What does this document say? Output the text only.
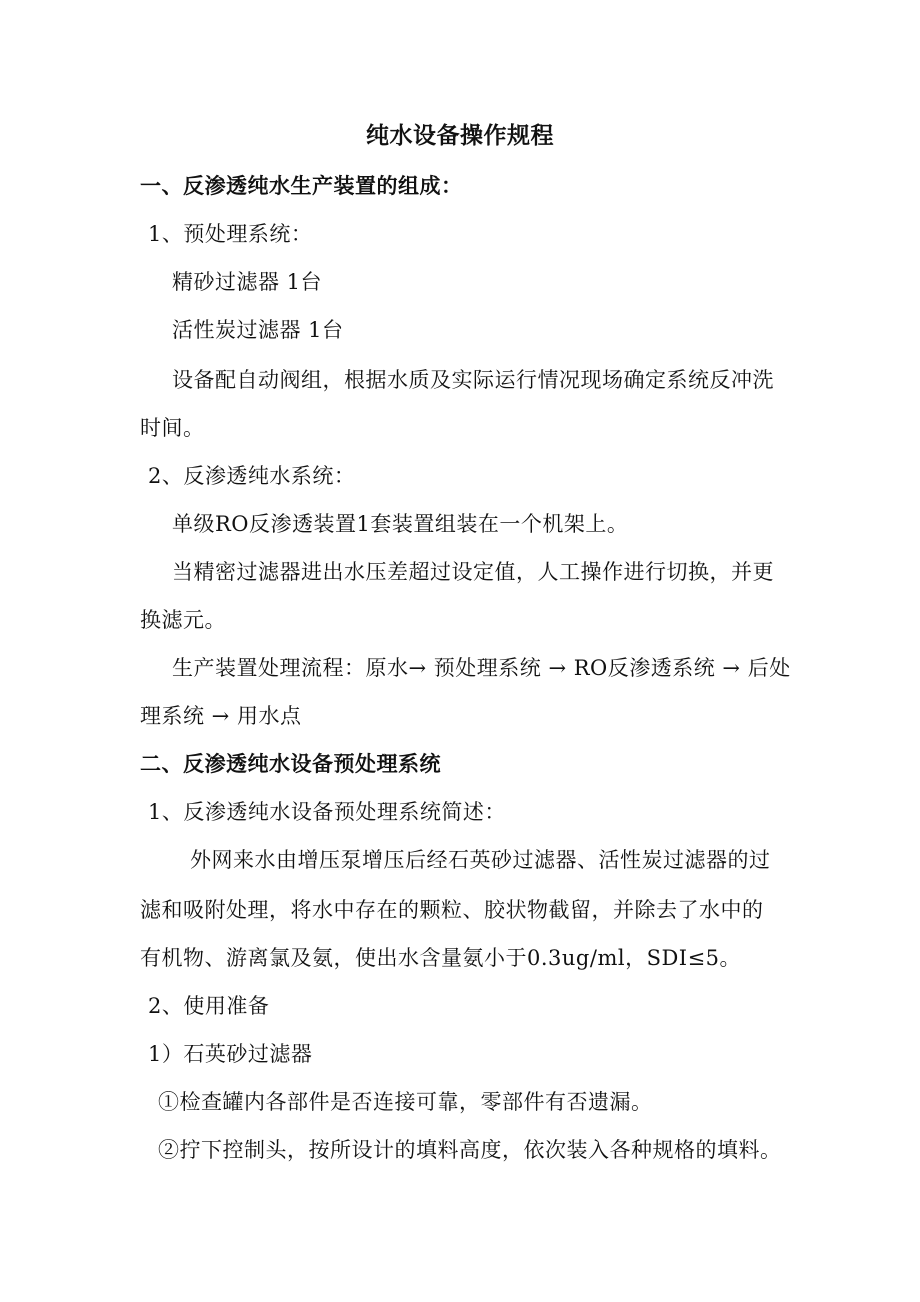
纯水设备操作规程
一、反渗透纯水生产装置的组成：
1、预处理系统：
精砂过滤器 1台
活性炭过滤器 1台
设备配自动阀组，根据水质及实际运行情况现场确定系统反冲洗
时间。
2、反渗透纯水系统：
单级RO反渗透装置1套装置组装在一个机架上。
当精密过滤器进出水压差超过设定值，人工操作进行切换，并更
换滤元。
生产装置处理流程：原水→ 预处理系统 → RO反渗透系统 → 后处
理系统 → 用水点
二、反渗透纯水设备预处理系统
1、反渗透纯水设备预处理系统简述：
外网来水由增压泵增压后经石英砂过滤器、活性炭过滤器的过
滤和吸附处理，将水中存在的颗粒、胶状物截留，并除去了水中的
有机物、游离氯及氨，使出水含量氨小于0.3ug/ml，SDI≤5。
2、使用准备
1）石英砂过滤器
①检查罐内各部件是否连接可靠，零部件有否遗漏。
②拧下控制头，按所设计的填料高度，依次装入各种规格的填料。
